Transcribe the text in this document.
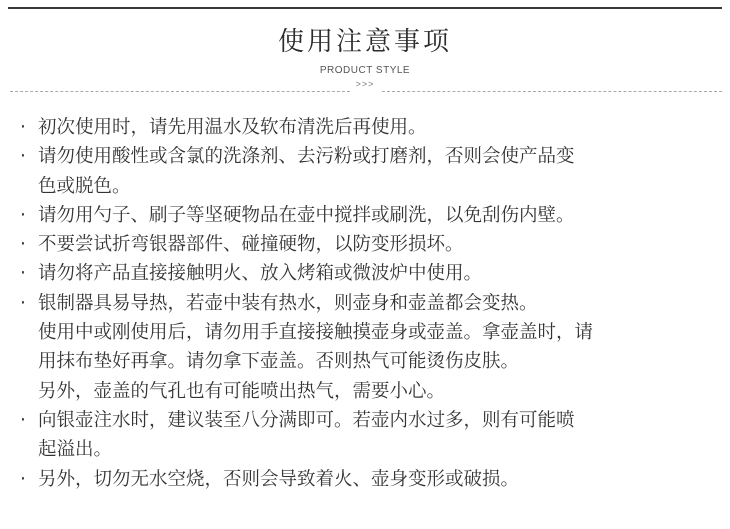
使用注意事项
PRODUCT STYLE
>>>
· 初次使用时，请先用温水及软布清洗后再使用。
· 请勿使用酸性或含氯的洗涤剂、去污粉或打磨剂，否则会使产品变
色或脱色。
· 请勿用勺子、刷子等坚硬物品在壶中搅拌或刷洗，以免刮伤内壁。
· 不要尝试折弯银器部件、碰撞硬物，以防变形损坏。
· 请勿将产品直接接触明火、放入烤箱或微波炉中使用。
· 银制器具易导热，若壶中装有热水，则壶身和壶盖都会变热。
使用中或刚使用后，请勿用手直接接触摸壶身或壶盖。拿壶盖时，请
用抹布垫好再拿。请勿拿下壶盖。否则热气可能烫伤皮肤。
另外，壶盖的气孔也有可能喷出热气，需要小心。
· 向银壶注水时，建议装至八分满即可。若壶内水过多，则有可能喷
起溢出。
· 另外，切勿无水空烧，否则会导致着火、壶身变形或破损。
